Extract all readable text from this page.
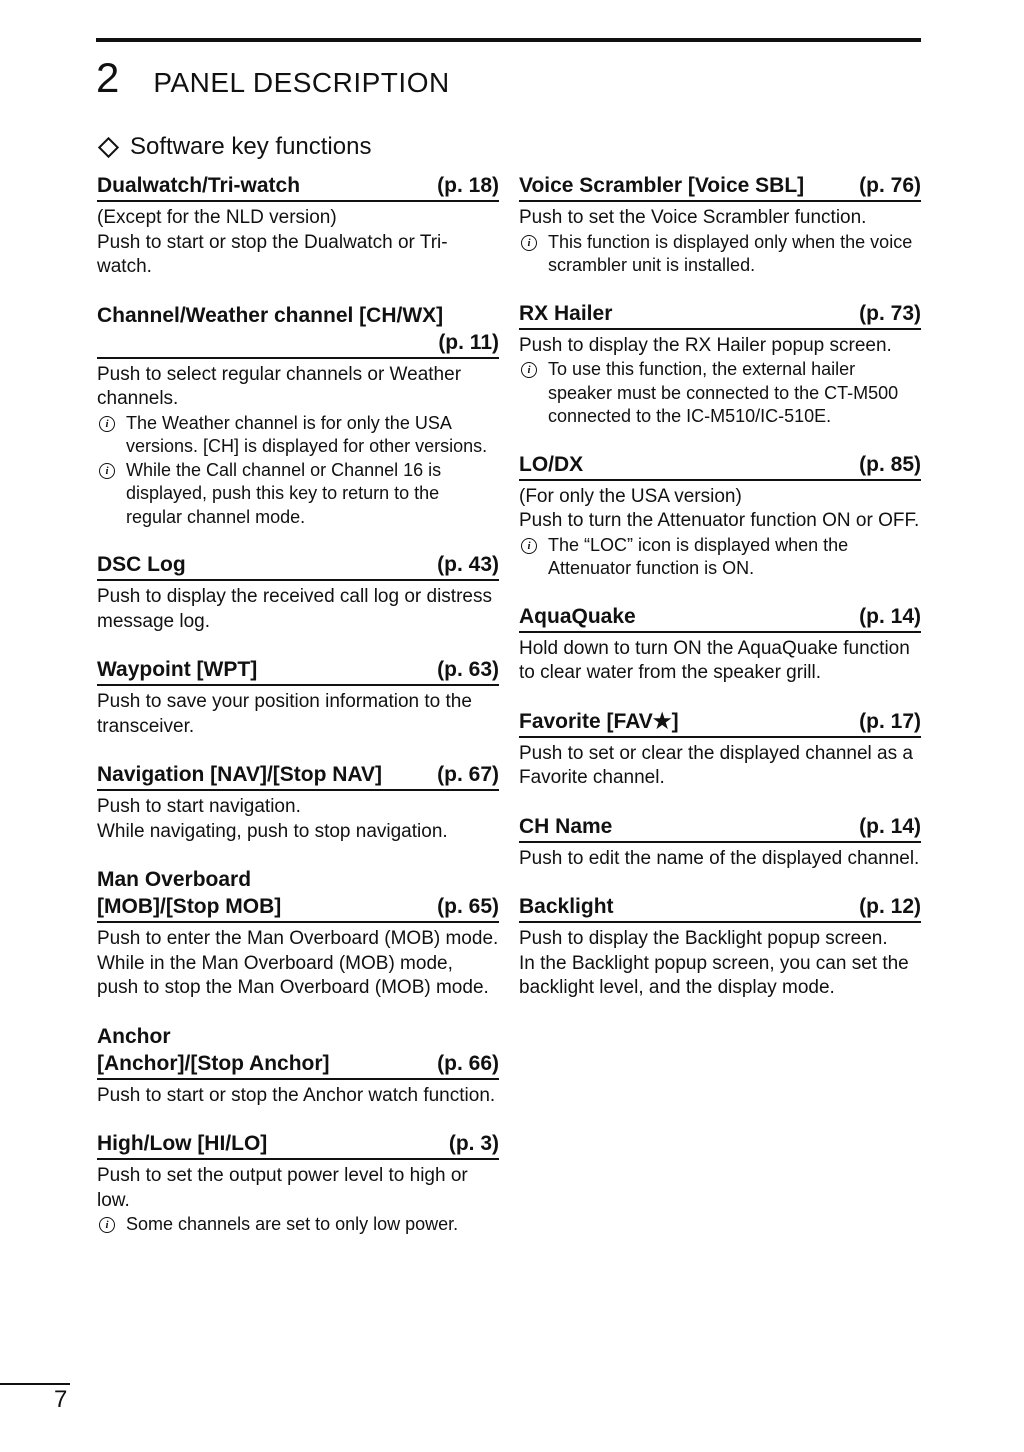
2 PANEL DESCRIPTION
Software key functions
Dualwatch/Tri-watch	(p. 18)
(Except for the NLD version)
Push to start or stop the Dualwatch or Tri-watch.
Channel/Weather channel [CH/WX]
(p. 11)
Push to select regular channels or Weather channels.
i The Weather channel is for only the USA versions. [CH] is displayed for other versions.
i While the Call channel or Channel 16 is displayed, push this key to return to the regular channel mode.
DSC Log	(p. 43)
Push to display the received call log or distress message log.
Waypoint [WPT]	(p. 63)
Push to save your position information to the transceiver.
Navigation [NAV]/[Stop NAV]	(p. 67)
Push to start navigation.
While navigating, push to stop navigation.
Man Overboard
[MOB]/[Stop MOB]	(p. 65)
Push to enter the Man Overboard (MOB) mode.
While in the Man Overboard (MOB) mode, push to stop the Man Overboard (MOB) mode.
Anchor
[Anchor]/[Stop Anchor]	(p. 66)
Push to start or stop the Anchor watch function.
High/Low [HI/LO]	(p. 3)
Push to set the output power level to high or low.
i Some channels are set to only low power.
Voice Scrambler [Voice SBL]	(p. 76)
Push to set the Voice Scrambler function.
i This function is displayed only when the voice scrambler unit is installed.
RX Hailer	(p. 73)
Push to display the RX Hailer popup screen.
i To use this function, the external hailer speaker must be connected to the CT-M500 connected to the IC-M510/IC-510E.
LO/DX	(p. 85)
(For only the USA version)
Push to turn the Attenuator function ON or OFF.
i The “LOC” icon is displayed when the Attenuator function is ON.
AquaQuake	(p. 14)
Hold down to turn ON the AquaQuake function to clear water from the speaker grill.
Favorite [FAV★]	(p. 17)
Push to set or clear the displayed channel as a Favorite channel.
CH Name	(p. 14)
Push to edit the name of the displayed channel.
Backlight	(p. 12)
Push to display the Backlight popup screen.
In the Backlight popup screen, you can set the backlight level, and the display mode.
7
